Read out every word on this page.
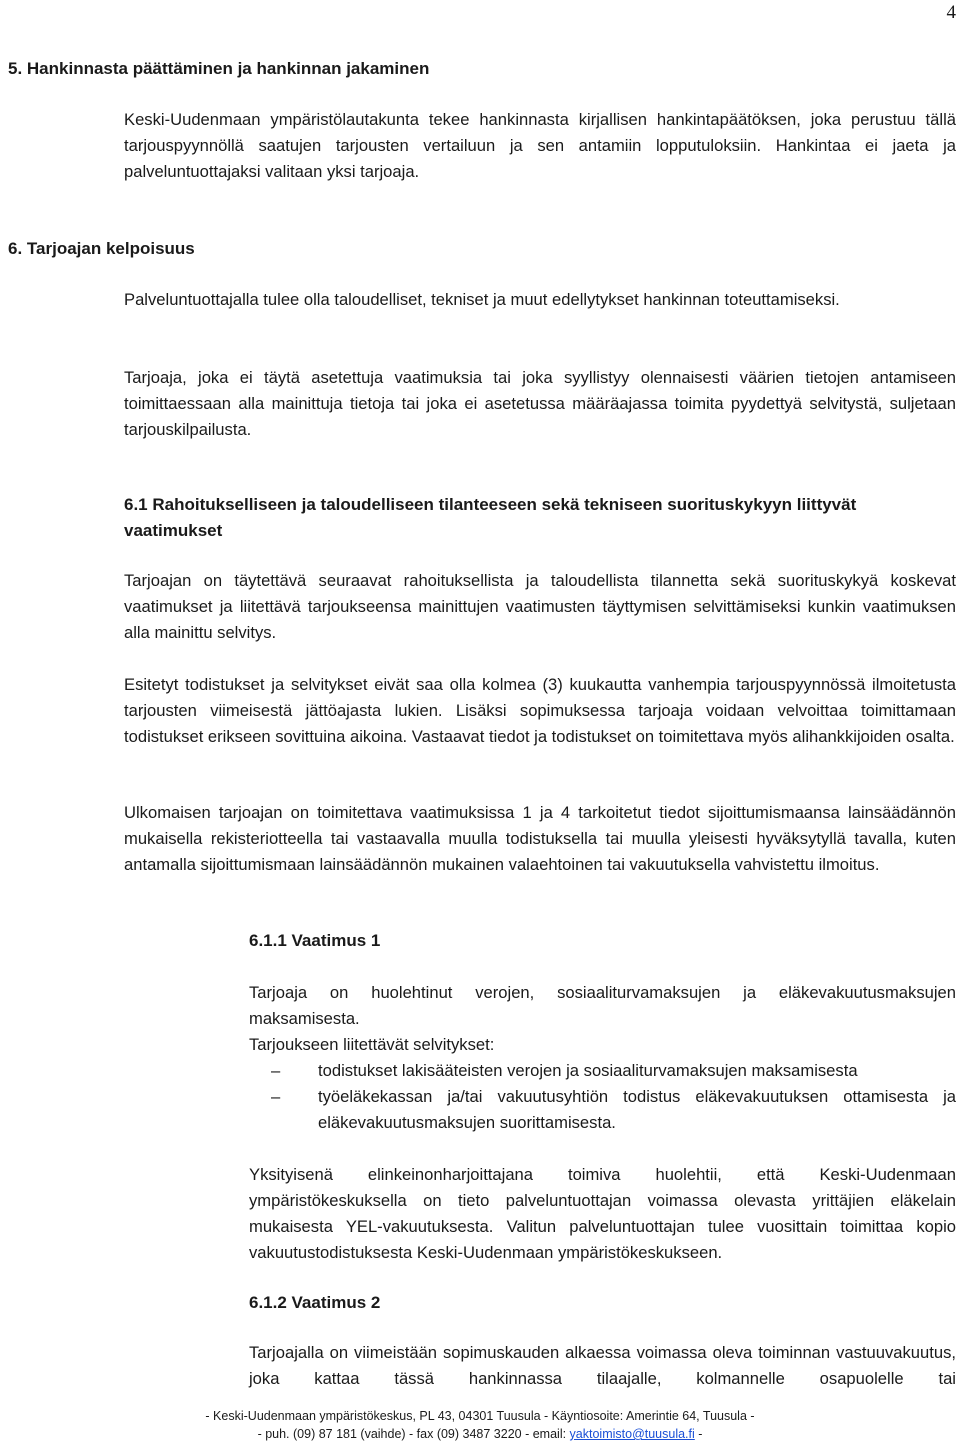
4
5. Hankinnasta päättäminen ja hankinnan jakaminen

Keski-Uudenmaan ympäristölautakunta tekee hankinnasta kirjallisen hankintapäätöksen, joka perustuu tällä tarjouspyynnöllä saatujen tarjousten vertailuun ja sen antamiin lopputuloksiin. Hankintaa ei jaeta ja palveluntuottajaksi valitaan yksi tarjoaja.

6. Tarjoajan kelpoisuus

Palveluntuottajalla tulee olla taloudelliset, tekniset ja muut edellytykset hankinnan toteuttamiseksi.

Tarjoaja, joka ei täytä asetettuja vaatimuksia tai joka syyllistyy olennaisesti väärien tietojen antamiseen toimittaessaan alla mainittuja tietoja tai joka ei asetetussa määräajassa toimita pyydettyä selvitystä, suljetaan tarjouskilpailusta.

6.1 Rahoitukselliseen ja taloudelliseen tilanteeseen sekä tekniseen suorituskykyyn liittyvät vaatimukset

Tarjoajan on täytettävä seuraavat rahoituksellista ja taloudellista tilannetta sekä suorituskykyä koskevat vaatimukset ja liitettävä tarjoukseensa mainittujen vaatimusten täyttymisen selvittämiseksi kunkin vaatimuksen alla mainittu selvitys.

Esitetyt todistukset ja selvitykset eivät saa olla kolmea (3) kuukautta vanhempia tarjouspyynnössä ilmoitetusta tarjousten viimeisestä jättöajasta lukien. Lisäksi sopimuksessa tarjoaja voidaan velvoittaa toimittamaan todistukset erikseen sovittuina aikoina. Vastaavat tiedot ja todistukset on toimitettava myös alihankkijoiden osalta.

Ulkomaisen tarjoajan on toimitettava vaatimuksissa 1 ja 4 tarkoitetut tiedot sijoittumismaansa lainsäädännön mukaisella rekisteriotteella tai vastaavalla muulla todistuksella tai muulla yleisesti hyväksytyllä tavalla, kuten antamalla sijoittumismaan lainsäädännön mukainen valaehtoinen tai vakuutuksella vahvistettu ilmoitus.

6.1.1 Vaatimus 1

Tarjoaja on huolehtinut verojen, sosiaaliturvamaksujen ja eläkevakuutusmaksujen maksamisesta.

Tarjoukseen liitettävät selvitykset:

– todistukset lakisääteisten verojen ja sosiaaliturvamaksujen maksamisesta
– työeläkekassan ja/tai vakuutusyhtiön todistus eläkevakuutuksen ottamisesta ja eläkevakuutusmaksujen suorittamisesta.

Yksityisenä elinkeinonharjoittajana toimiva huolehtii, että Keski-Uudenmaan ympäristökeskuksella on tieto palveluntuottajan voimassa olevasta yrittäjien eläkelain mukaisesta YEL-vakuutuksesta. Valitun palveluntuottajan tulee vuosittain toimittaa kopio vakuutustodistuksesta Keski-Uudenmaan ympäristökeskukseen.

6.1.2 Vaatimus 2

Tarjoajalla on viimeistään sopimuskauden alkaessa voimassa oleva toiminnan vastuuvakuutus, joka kattaa tässä hankinnassa tilaajalle, kolmannelle osapuolelle tai

- Keski-Uudenmaan ympäristökeskus, PL 43, 04301 Tuusula - Käyntiosoite: Amerintie 64, Tuusula -
- puh. (09) 87 181 (vaihde) - fax (09) 3487 3220 - email: yaktoimisto@tuusula.fi -
